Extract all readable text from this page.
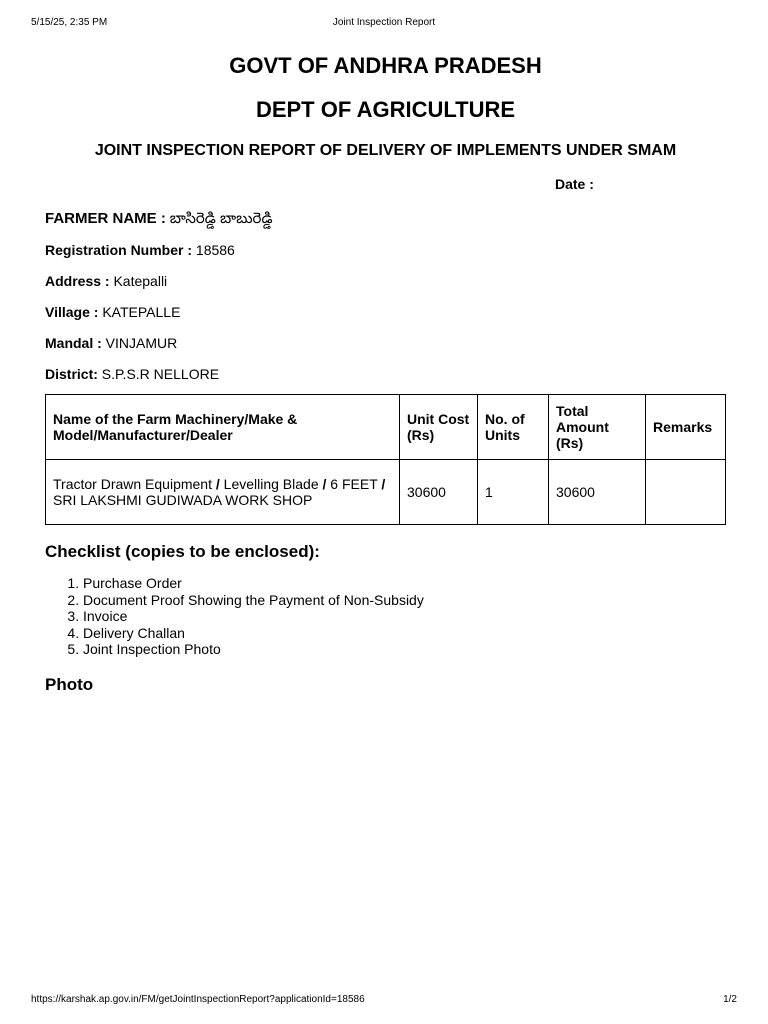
5/15/25, 2:35 PM	Joint Inspection Report

GOVT OF ANDHRA PRADESH

DEPT OF AGRICULTURE

JOINT INSPECTION REPORT OF DELIVERY OF IMPLEMENTS UNDER SMAM

Date :

FARMER NAME : బాసిరెడ్డి బాబురెడ్డి

Registration Number : 18586

Address : Katepalli

Village : KATEPALLE

Mandal : VINJAMUR

District: S.P.S.R NELLORE

Name of the Farm Machinery/Make & Model/Manufacturer/Dealer	Unit Cost (Rs)	No. of Units	Total Amount (Rs)	Remarks
Tractor Drawn Equipment / Levelling Blade / 6 FEET / SRI LAKSHMI GUDIWADA WORK SHOP	30600	1	30600	

Checklist (copies to be enclosed):

1. Purchase Order
2. Document Proof Showing the Payment of Non-Subsidy
3. Invoice
4. Delivery Challan
5. Joint Inspection Photo

Photo

https://karshak.ap.gov.in/FM/getJointInspectionReport?applicationId=18586	1/2
